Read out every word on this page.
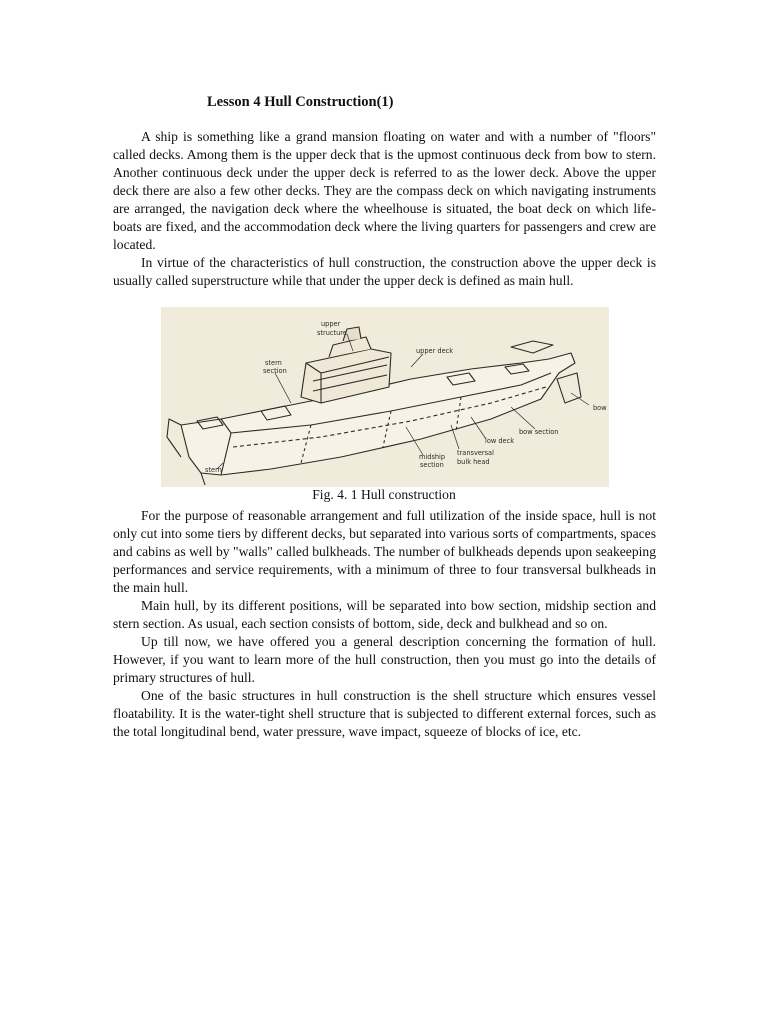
Lesson 4 Hull Construction(1)

A ship is something like a grand mansion floating on water and with a number of "floors" called decks. Among them is the upper deck that is the upmost continuous deck from bow to stern. Another continuous deck under the upper deck is referred to as the lower deck. Above the upper deck there are also a few other decks. They are the compass deck on which navigating instruments are arranged, the navigation deck where the wheelhouse is situated, the boat deck on which life-boats are fixed, and the accommodation deck where the living quarters for passengers and crew are located.

In virtue of the characteristics of hull construction, the construction above the upper deck is usually called superstructure while that under the upper deck is defined as main hull.

upper
structure
upper deck
stern
section
bow
bow section
low deck
transversal
bulk head
midship
section
stern
Fig. 4. 1 Hull construction

For the purpose of reasonable arrangement and full utilization of the inside space, hull is not only cut into some tiers by different decks, but separated into various sorts of compartments, spaces and cabins as well by "walls" called bulkheads. The number of bulkheads depends upon seakeeping performances and service requirements, with a minimum of three to four transversal bulkheads in the main hull.

Main hull, by its different positions, will be separated into bow section, midship section and stern section. As usual, each section consists of bottom, side, deck and bulkhead and so on.

Up till now, we have offered you a general description concerning the formation of hull. However, if you want to learn more of the hull construction, then you must go into the details of primary structures of hull.

One of the basic structures in hull construction is the shell structure which ensures vessel floatability. It is the water-tight shell structure that is subjected to different external forces, such as the total longitudinal bend, water pressure, wave impact, squeeze of blocks of ice, etc.
